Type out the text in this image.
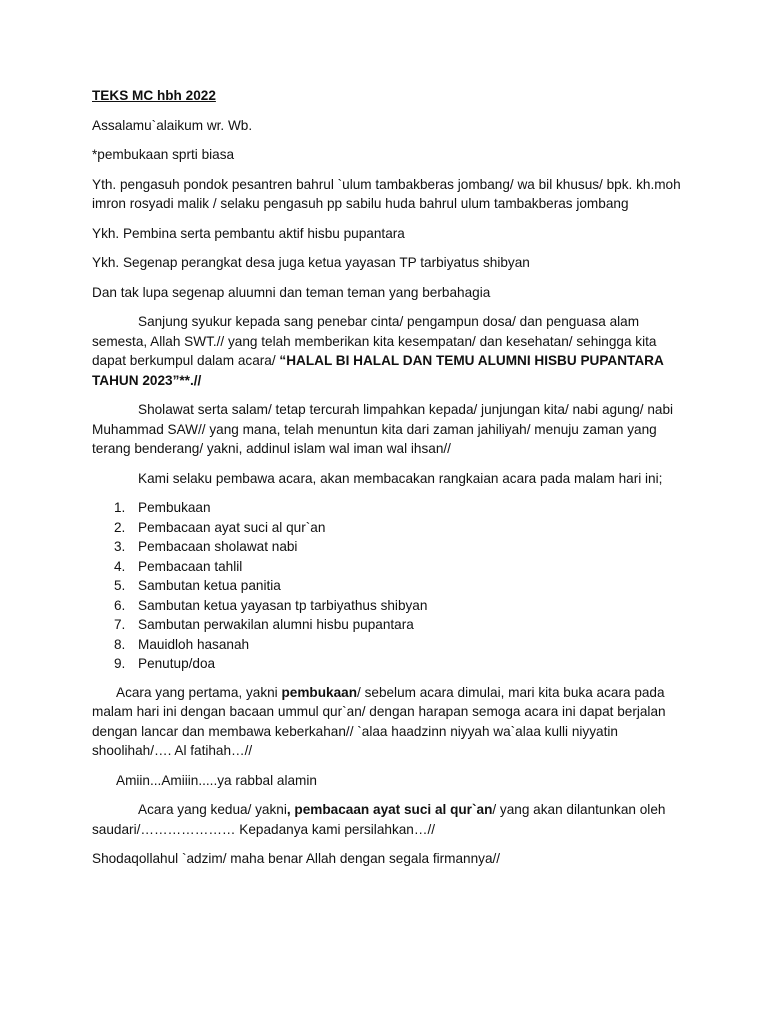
TEKS MC hbh 2022
Assalamu`alaikum wr. Wb.
*pembukaan sprti biasa
Yth. pengasuh pondok pesantren bahrul `ulum tambakberas jombang/ wa bil khusus/ bpk. kh.moh imron rosyadi malik / selaku pengasuh pp sabilu huda bahrul ulum tambakberas jombang
Ykh. Pembina serta pembantu aktif hisbu pupantara
Ykh. Segenap perangkat desa juga ketua yayasan TP tarbiyatus shibyan
Dan tak lupa segenap aluumni dan teman teman yang berbahagia
Sanjung syukur kepada sang penebar cinta/ pengampun dosa/ dan penguasa alam semesta, Allah SWT.// yang telah memberikan kita kesempatan/ dan kesehatan/ sehingga kita dapat berkumpul dalam acara/ “HALAL BI HALAL DAN TEMU ALUMNI HISBU PUPANTARA TAHUN 2023”**.//
Sholawat serta salam/ tetap tercurah limpahkan kepada/ junjungan kita/ nabi agung/ nabi Muhammad SAW// yang mana, telah menuntun kita dari zaman jahiliyah/ menuju zaman yang terang benderang/ yakni, addinul islam wal iman wal ihsan//
Kami selaku pembawa acara, akan membacakan rangkaian acara pada malam hari ini;
1. Pembukaan
2. Pembacaan ayat suci al qur`an
3. Pembacaan sholawat nabi
4. Pembacaan tahlil
5. Sambutan ketua panitia
6. Sambutan ketua yayasan tp tarbiyathus shibyan
7. Sambutan perwakilan alumni hisbu pupantara
8. Mauidloh hasanah
9. Penutup/doa
Acara yang pertama, yakni pembukaan/ sebelum acara dimulai, mari kita buka acara pada malam hari ini dengan bacaan ummul qur`an/ dengan harapan semoga acara ini dapat berjalan dengan lancar dan membawa keberkahan// `alaa haadzinn niyyah wa`alaa kulli niyyatin shoolihah/…. Al fatihah…//
Amiin...Amiiin.....ya rabbal alamin
Acara yang kedua/ yakni, pembacaan ayat suci al qur`an/ yang akan dilantunkan oleh saudari/………………… Kepadanya kami persilahkan…//
Shodaqollahul `adzim/ maha benar Allah dengan segala firmannya//
